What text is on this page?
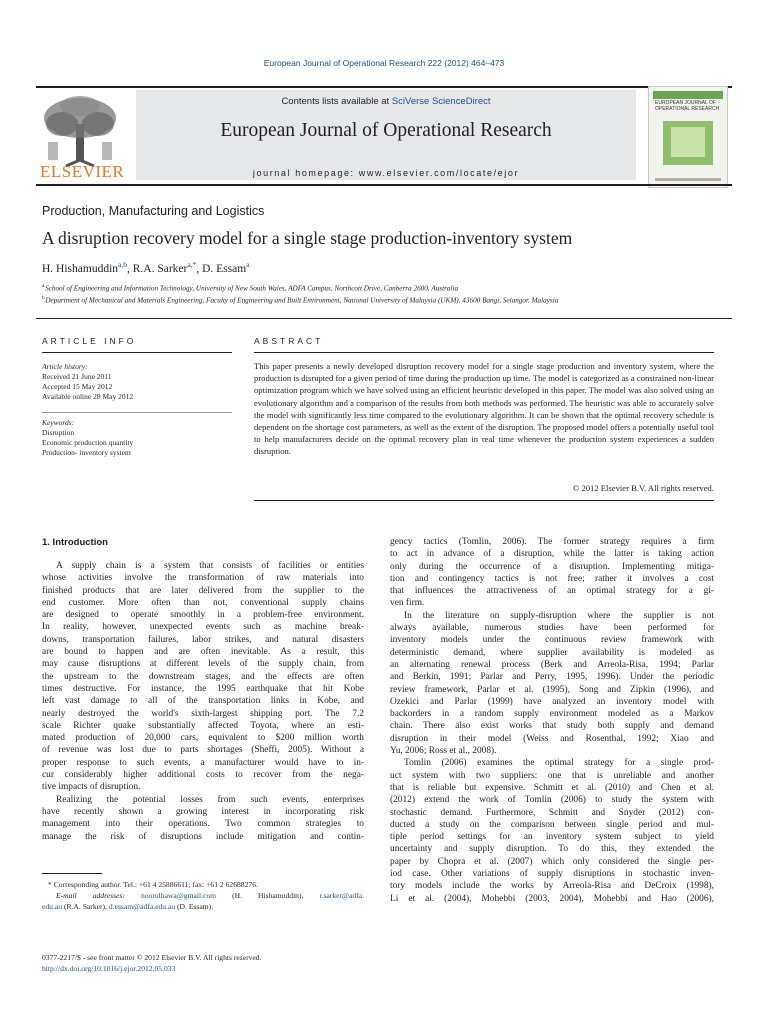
European Journal of Operational Research 222 (2012) 464–473
ELSEVIER
Contents lists available at SciVerse ScienceDirect
European Journal of Operational Research
journal homepage: www.elsevier.com/locate/ejor
EUROPEAN JOURNAL OF OPERATIONAL RESEARCH
Production, Manufacturing and Logistics
A disruption recovery model for a single stage production-inventory system
H. Hishamuddin$^{a,b}$, R.A. Sarker$^{a,*}$, D. Essam$^a$
$^a$ School of Engineering and Information Technology, University of New South Wales, ADFA Campus, Northcott Drive, Canberra 2600, Australia
$^b$ Department of Mechanical and Materials Engineering, Faculty of Engineering and Built Environment, National University of Malaysia (UKM), 43600 Bangi, Selangor, Malaysia
ARTICLE INFO	ABSTRACT
Article history:
Received 21 June 2011
Accepted 15 May 2012
Available online 28 May 2012
Keywords:
Disruption
Economic production quantity
Production- inventory system
This paper presents a newly developed disruption recovery model for a single stage production and inventory system, where the production is disrupted for a given period of time during the production up time. The model is categorized as a constrained non-linear optimization program which we have solved using an efficient heuristic developed in this paper. The model was also solved using an evolutionary algorithm and a comparison of the results from both methods was performed. The heuristic was able to accurately solve the model with significantly less time compared to the evolutionary algorithm. It can be shown that the optimal recovery schedule is dependent on the shortage cost parameters, as well as the extent of the disruption. The proposed model offers a potentially useful tool to help manufacturers decide on the optimal recovery plan in real time whenever the production system experiences a sudden disruption.
© 2012 Elsevier B.V. All rights reserved.
1. Introduction
A supply chain is a system that consists of facilities or entities
whose activities involve the transformation of raw materials into
finished products that are later delivered from the supplier to the
end customer. More often than not, conventional supply chains
are designed to operate smoothly in a problem-free environment.
In reality, however, unexpected events such as machine break-
downs, transportation failures, labor strikes, and natural disasters
are bound to happen and are often inevitable. As a result, this
may cause disruptions at different levels of the supply chain, from
the upstream to the downstream stages, and the effects are often
times destructive. For instance, the 1995 earthquake that hit Kobe
left vast damage to all of the transportation links in Kobe, and
nearly destroyed the world's sixth-largest shipping port. The 7.2
scale Richter quake substantially affected Toyota, where an esti-
mated production of 20,000 cars, equivalent to $200 million worth
of revenue was lost due to parts shortages (Sheffi, 2005). Without a
proper response to such events, a manufacturer would have to in-
cur considerably higher additional costs to recover from the nega-
tive impacts of disruption.
Realizing the potential losses from such events, enterprises
have recently shown a growing interest in incorporating risk
management into their operations. Two common strategies to
manage the risk of disruptions include mitigation and contin-
gency tactics (Tomlin, 2006). The former strategy requires a firm
to act in advance of a disruption, while the latter is taking action
only during the occurrence of a disruption. Implementing mitiga-
tion and contingency tactics is not free; rather it involves a cost
that influences the attractiveness of an optimal strategy for a gi-
ven firm.
In the literature on supply-disruption where the supplier is not
always available, numerous studies have been performed for
inventory models under the continuous review framework with
deterministic demand, where supplier availability is modeled as
an alternating renewal process (Berk and Arreola-Risa, 1994; Parlar
and Berkin, 1991; Parlar and Perry, 1995, 1996). Under the periodic
review framework, Parlar et al. (1995), Song and Zipkin (1996), and
Ozekici and Parlar (1999) have analyzed an inventory model with
backorders in a random supply environment modeled as a Markov
chain. There also exist works that study both supply and demand
disruption in their model (Weiss and Rosenthal, 1992; Xiao and
Yu, 2006; Ross et al., 2008).
Tomlin (2006) examines the optimal strategy for a single prod-
uct system with two suppliers: one that is unreliable and another
that is reliable but expensive. Schmitt et al. (2010) and Chen et al.
(2012) extend the work of Tomlin (2006) to study the system with
stochastic demand. Furthermore, Schmitt and Snyder (2012) con-
ducted a study on the comparison between single period and mul-
tiple period settings for an inventory system subject to yield
uncertainty and supply disruption. To do this, they extended the
paper by Chopra et al. (2007) which only considered the single per-
iod case. Other variations of supply disruptions in stochastic inven-
tory models include the works by Arreola-Risa and DeCroix (1998),
Li et al. (2004), Mohebbi (2003, 2004), Mohebbi and Hao (2006),
* Corresponding author. Tel.: +61 4 25886611; fax: +61 2 62688276.
E-mail addresses: noorulhawa@gmail.com (H. Hishamuddin), r.sarker@adfa.
edu.au (R.A. Sarker), d.essam@adfa.edu.au (D. Essam).
0377-2217/$ - see front matter © 2012 Elsevier B.V. All rights reserved.
http://dx.doi.org/10.1016/j.ejor.2012.05.033
